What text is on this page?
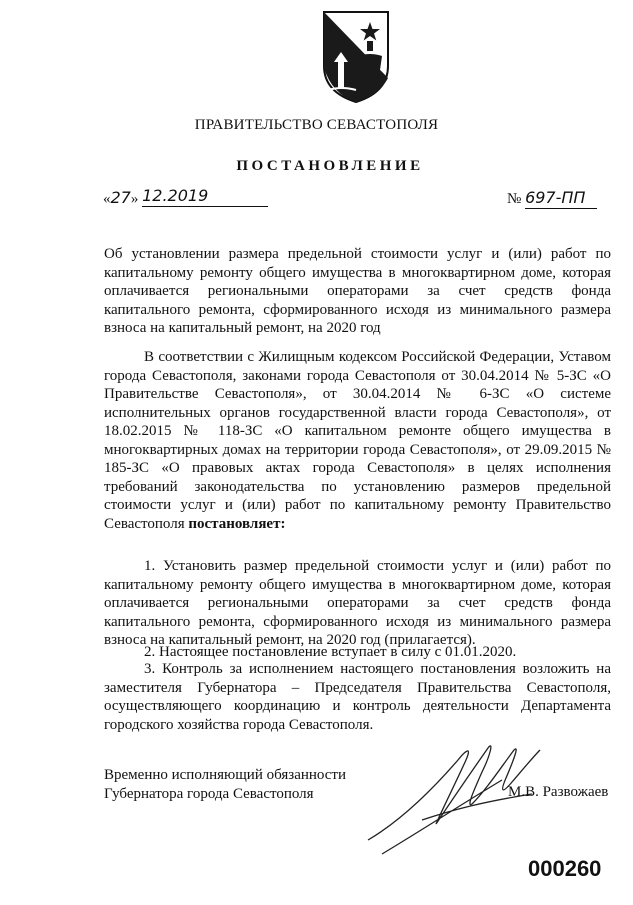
ПРАВИТЕЛЬСТВО СЕВАСТОПОЛЯ
ПОСТАНОВЛЕНИЕ
«27» 12.2019	№ 697-ПП
Об установлении размера предельной стоимости услуг и (или) работ по капитальному ремонту общего имущества в многоквартирном доме, которая оплачивается региональными операторами за счет средств фонда капитального ремонта, сформированного исходя из минимального размера взноса на капитальный ремонт, на 2020 год
В соответствии с Жилищным кодексом Российской Федерации, Уставом города Севастополя, законами города Севастополя от 30.04.2014 № 5-ЗС «О Правительстве Севастополя», от 30.04.2014 № 6-ЗС «О системе исполнительных органов государственной власти города Севастополя», от 18.02.2015 № 118-ЗС «О капитальном ремонте общего имущества в многоквартирных домах на территории города Севастополя», от 29.09.2015 № 185-ЗС «О правовых актах города Севастополя» в целях исполнения требований законодательства по установлению размеров предельной стоимости услуг и (или) работ по капитальному ремонту Правительство Севастополя постановляет:
1. Установить размер предельной стоимости услуг и (или) работ по капитальному ремонту общего имущества в многоквартирном доме, которая оплачивается региональными операторами за счет средств фонда капитального ремонта, сформированного исходя из минимального размера взноса на капитальный ремонт, на 2020 год (прилагается).
2. Настоящее постановление вступает в силу с 01.01.2020.
3. Контроль за исполнением настоящего постановления возложить на заместителя Губернатора – Председателя Правительства Севастополя, осуществляющего координацию и контроль деятельности Департамента городского хозяйства города Севастополя.
Временно исполняющий обязанности
Губернатора города Севастополя	М.В. Развожаев
000260
